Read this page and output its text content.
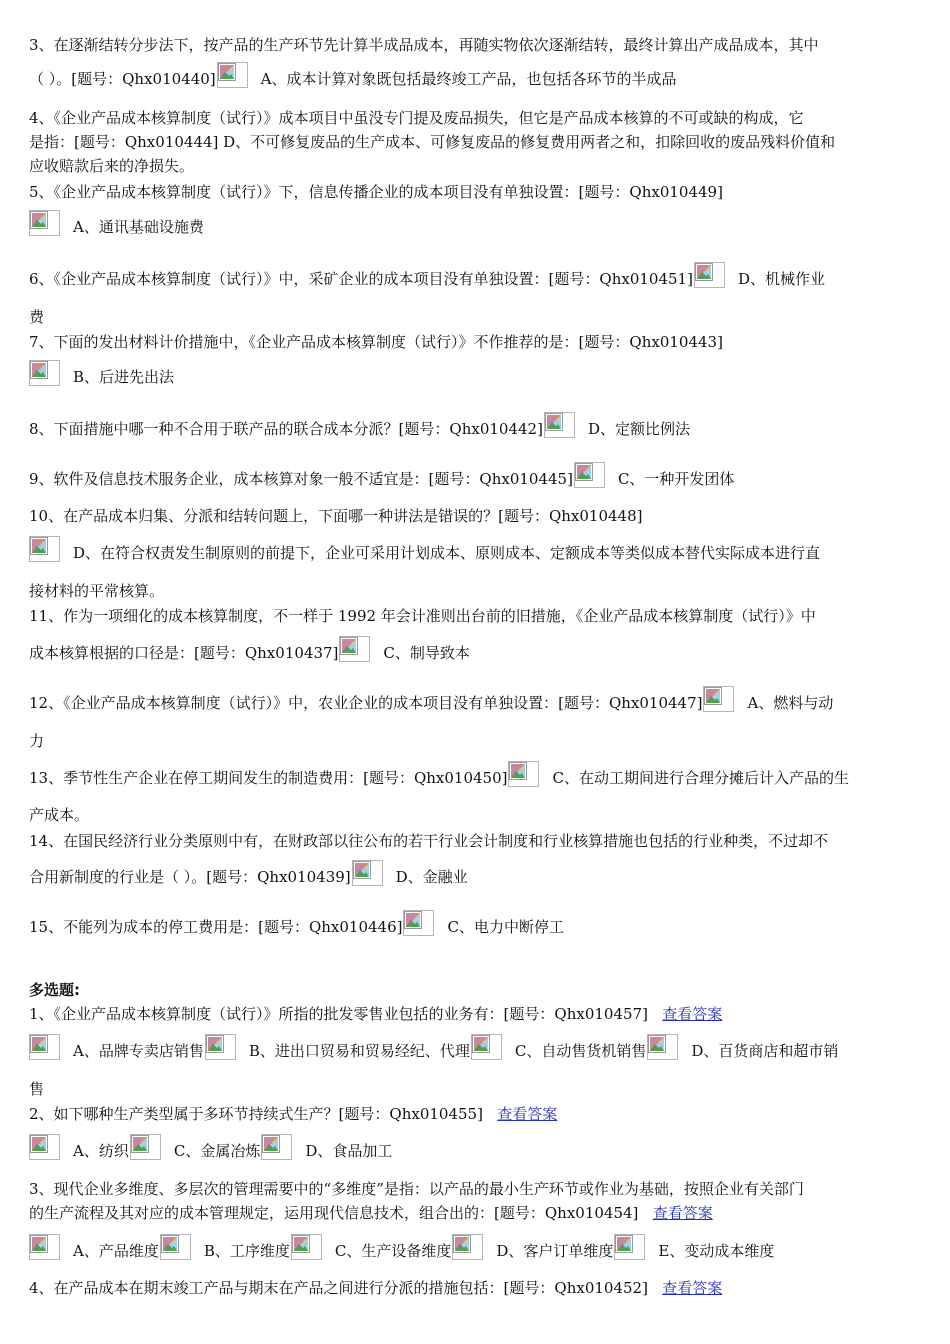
3、在逐渐结转分步法下，按产品的生产环节先计算半成品成本，再随实物依次逐渐结转，最终计算出产成品成本，其中
（ ）。[题号：Qhx010440]	A、成本计算对象既包括最终竣工产品，也包括各环节的半成品
4、《企业产品成本核算制度（试行）》成本项目中虽没专门提及废品损失，但它是产品成本核算的不可或缺的构成，它
是指：[题号：Qhx010444] D、不可修复废品的生产成本、可修复废品的修复费用两者之和，扣除回收的废品残料价值和
应收赔款后来的净损失。
5、《企业产品成本核算制度（试行）》下，信息传播企业的成本项目没有单独设置：[题号：Qhx010449]
A、通讯基础设施费
6、《企业产品成本核算制度（试行）》中，采矿企业的成本项目没有单独设置：[题号：Qhx010451]	D、机械作业
费
7、下面的发出材料计价措施中，《企业产品成本核算制度（试行）》不作推荐的是：[题号：Qhx010443]
B、后进先出法
8、下面措施中哪一种不合用于联产品的联合成本分派？[题号：Qhx010442]	D、定额比例法
9、软件及信息技术服务企业，成本核算对象一般不适宜是：[题号：Qhx010445]	C、一种开发团体
10、在产品成本归集、分派和结转问题上，下面哪一种讲法是错误的？[题号：Qhx010448]
D、在符合权责发生制原则的前提下，企业可采用计划成本、原则成本、定额成本等类似成本替代实际成本进行直
接材料的平常核算。
11、作为一项细化的成本核算制度，不一样于 1992 年会计准则出台前的旧措施，《企业产品成本核算制度（试行）》中
成本核算根据的口径是：[题号：Qhx010437]	C、制导致本
12、《企业产品成本核算制度（试行）》中，农业企业的成本项目没有单独设置：[题号：Qhx010447]	A、燃料与动
力
13、季节性生产企业在停工期间发生的制造费用：[题号：Qhx010450]	C、在动工期间进行合理分摊后计入产品的生
产成本。
14、在国民经济行业分类原则中有，在财政部以往公布的若干行业会计制度和行业核算措施也包括的行业种类，不过却不
合用新制度的行业是（ ）。[题号：Qhx010439]	D、金融业
15、不能列为成本的停工费用是：[题号：Qhx010446]	C、电力中断停工
多选题:
1、《企业产品成本核算制度（试行）》所指的批发零售业包括的业务有：[题号：Qhx010457] 查看答案
A、品牌专卖店销售	B、进出口贸易和贸易经纪、代理	C、自动售货机销售	D、百货商店和超市销
售
2、如下哪种生产类型属于多环节持续式生产？[题号：Qhx010455] 查看答案
A、纺织	C、金属冶炼	D、食品加工
3、现代企业多维度、多层次的管理需要中的“多维度”是指：以产品的最小生产环节或作业为基础，按照企业有关部门
的生产流程及其对应的成本管理规定，运用现代信息技术，组合出的：[题号：Qhx010454] 查看答案
A、产品维度	B、工序维度	C、生产设备维度	D、客户订单维度	E、变动成本维度
4、在产品成本在期末竣工产品与期末在产品之间进行分派的措施包括：[题号：Qhx010452] 查看答案
